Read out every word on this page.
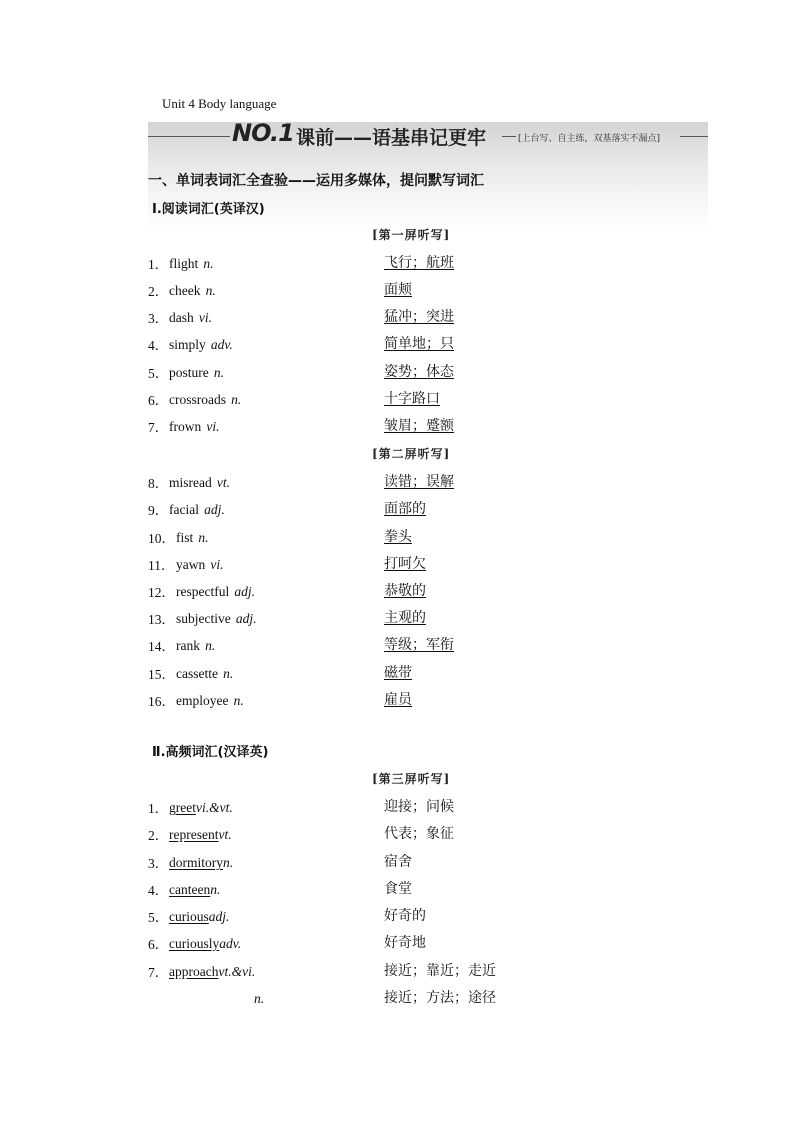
Unit 4 Body language
NO.1 课前——语基串记更牢	[上台写、自主练，双基落实不漏点]
一、单词表词汇全查验——运用多媒体，提问默写词汇
Ⅰ.阅读词汇(英译汉)
[第一屏听写]
1． flight n.	飞行；航班
2． cheek n.	面颊
3． dash vi.	猛冲；突进
4． simply adv.	简单地；只
5． posture n.	姿势；体态
6． crossroads n.	十字路口
7． frown vi.	皱眉；蹙额
[第二屏听写]
8． misread vt.	读错；误解
9． facial adj.	面部的
10． fist n.	拳头
11． yawn vi.	打呵欠
12． respectful adj.	恭敬的
13． subjective adj.	主观的
14． rank n.	等级；军衔
15． cassette n.	磁带
16． employee n.	雇员
Ⅱ.高频词汇(汉译英)
[第三屏听写]
1． greetvi.&vt.	迎接；问候
2． representvt.	代表；象征
3． dormitoryn.	宿舍
4． canteenn.	食堂
5． curiousadj.	好奇的
6． curiouslyadv.	好奇地
7． approachvt.&vi.	接近；靠近；走近
n.	接近；方法；途径
